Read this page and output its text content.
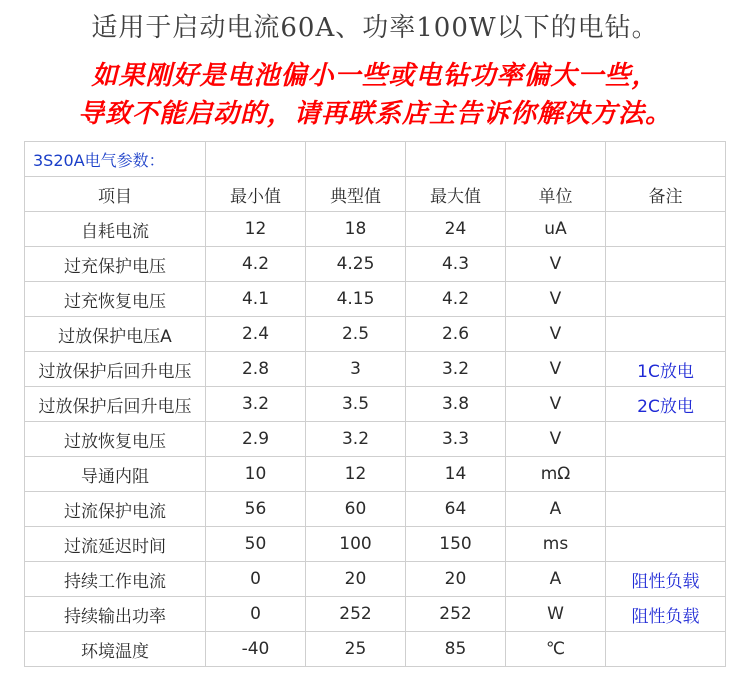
适用于启动电流60A、功率100W以下的电钻。
如果刚好是电池偏小一些或电钻功率偏大一些，
导致不能启动的，请再联系店主告诉你解决方法。
3S20A电气参数：					
项目	最小值	典型值	最大值	单位	备注
自耗电流	12	18	24	uA	
过充保护电压	4.2	4.25	4.3	V	
过充恢复电压	4.1	4.15	4.2	V	
过放保护电压A	2.4	2.5	2.6	V	
过放保护后回升电压	2.8	3	3.2	V	1C放电
过放保护后回升电压	3.2	3.5	3.8	V	2C放电
过放恢复电压	2.9	3.2	3.3	V	
导通内阻	10	12	14	mΩ	
过流保护电流	56	60	64	A	
过流延迟时间	50	100	150	ms	
持续工作电流	0	20	20	A	阻性负载
持续输出功率	0	252	252	W	阻性负载
环境温度	-40	25	85	℃	
